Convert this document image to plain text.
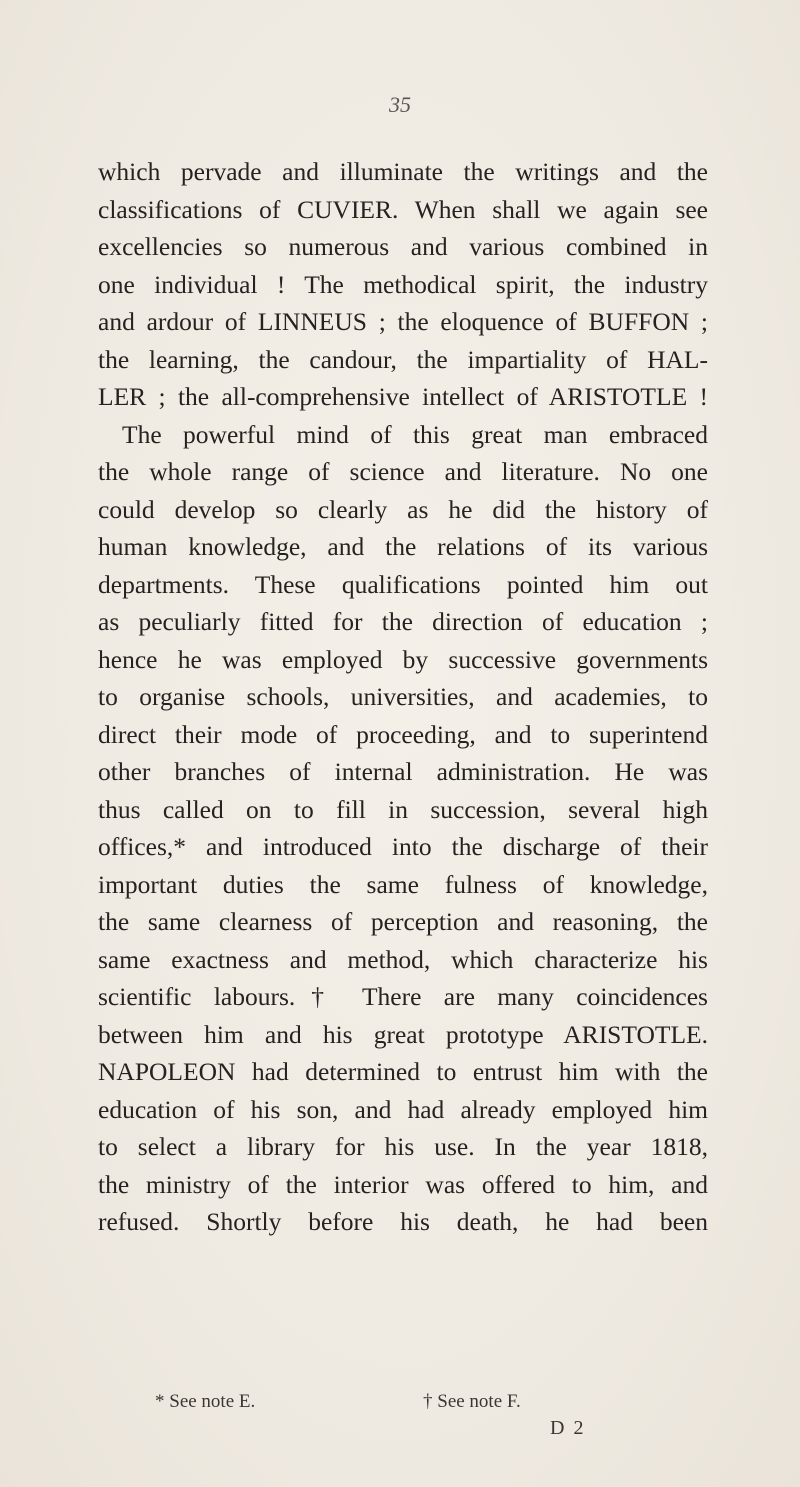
35
which pervade and illuminate the writings and the
classifications of CUVIER. When shall we again see
excellencies so numerous and various combined in
one individual ! The methodical spirit, the industry
and ardour of LINNEUS ; the eloquence of BUFFON ;
the learning, the candour, the impartiality of HAL-
LER ; the all-comprehensive intellect of ARISTOTLE !
The powerful mind of this great man embraced
the whole range of science and literature. No one
could develop so clearly as he did the history of
human knowledge, and the relations of its various
departments. These qualifications pointed him out
as peculiarly fitted for the direction of education ;
hence he was employed by successive governments
to organise schools, universities, and academies, to
direct their mode of proceeding, and to superintend
other branches of internal administration. He was
thus called on to fill in succession, several high
offices,* and introduced into the discharge of their
important duties the same fulness of knowledge,
the same clearness of perception and reasoning, the
same exactness and method, which characterize his
scientific labours.† There are many coincidences
between him and his great prototype ARISTOTLE.
NAPOLEON had determined to entrust him with the
education of his son, and had already employed him
to select a library for his use. In the year 1818,
the ministry of the interior was offered to him, and
refused. Shortly before his death, he had been
* See note E.	† See note F.
D 2
